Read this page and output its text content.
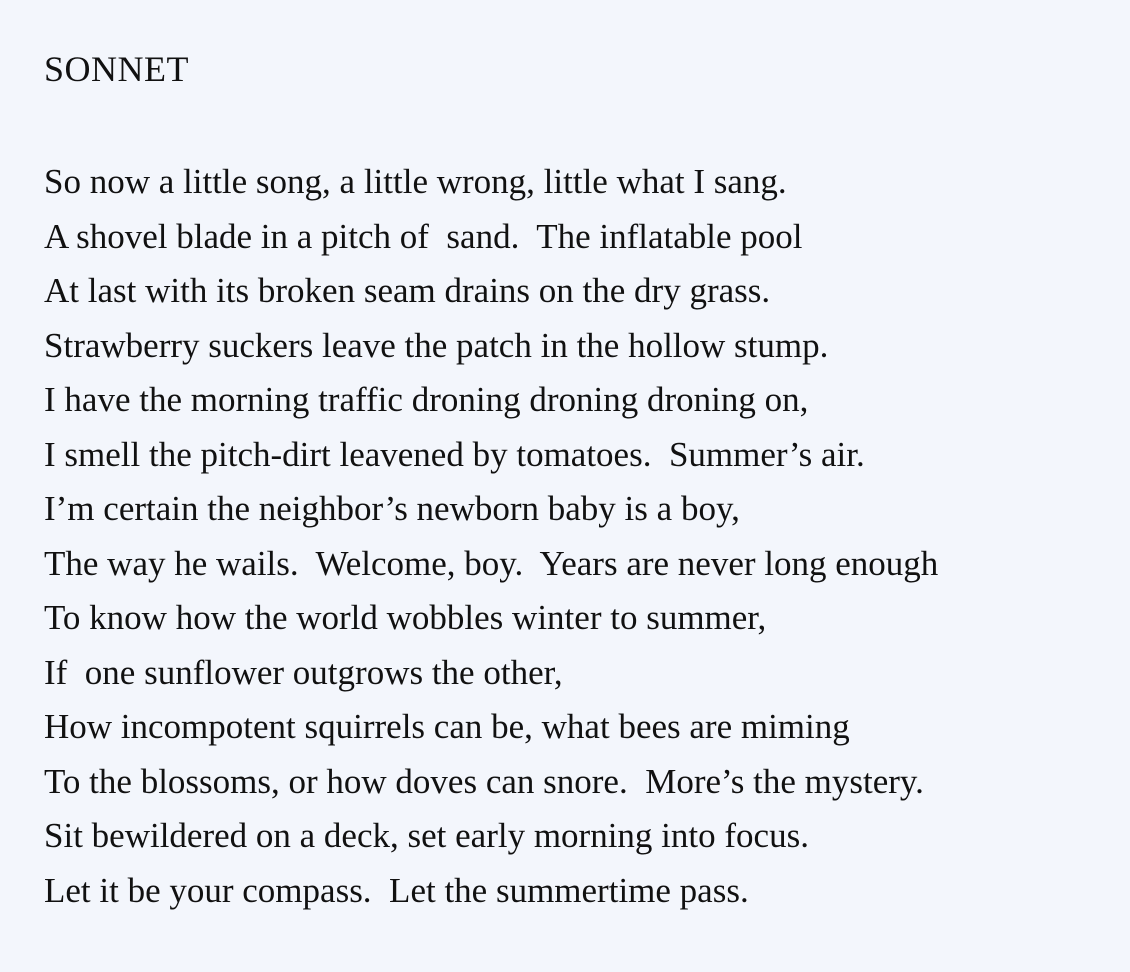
SONNET
So now a little song, a little wrong, little what I sang.
A shovel blade in a pitch of  sand.  The inflatable pool
At last with its broken seam drains on the dry grass.
Strawberry suckers leave the patch in the hollow stump.
I have the morning traffic droning droning droning on,
I smell the pitch-dirt leavened by tomatoes.  Summer’s air.
I’m certain the neighbor’s newborn baby is a boy,
The way he wails.  Welcome, boy.  Years are never long enough
To know how the world wobbles winter to summer,
If  one sunflower outgrows the other,
How incompotent squirrels can be, what bees are miming
To the blossoms, or how doves can snore.  More’s the mystery.
Sit bewildered on a deck, set early morning into focus.
Let it be your compass.  Let the summertime pass.
